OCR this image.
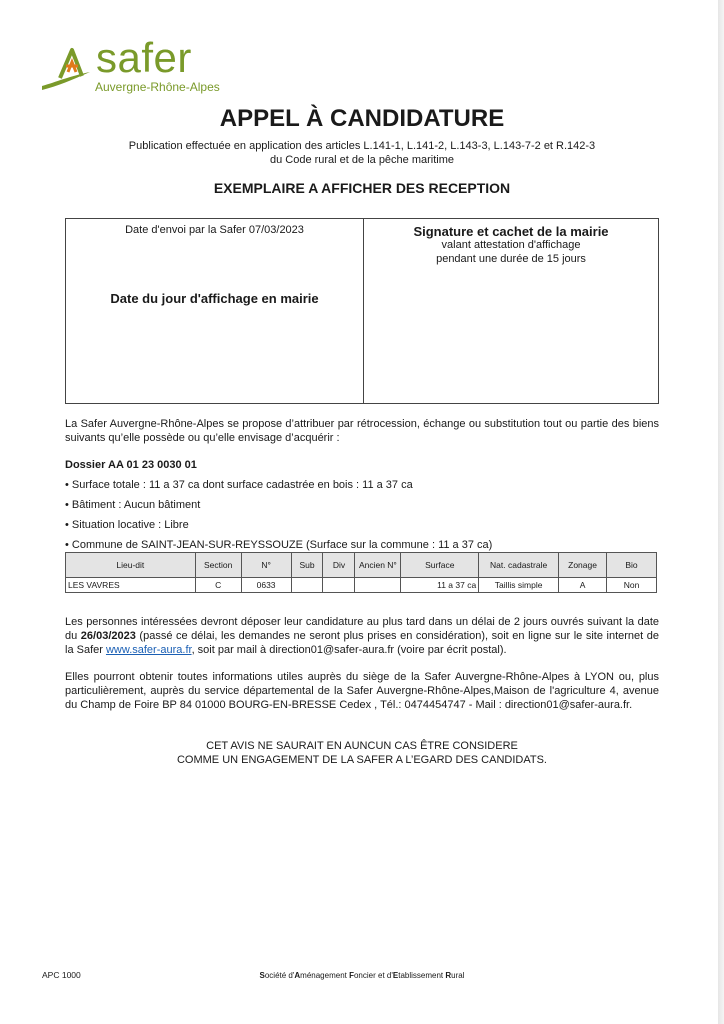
safer
Auvergne-Rhône-Alpes
APPEL À CANDIDATURE
Publication effectuée en application des articles L.141-1, L.141-2, L.143-3, L.143-7-2 et R.142-3
du Code rural et de la pêche maritime
EXEMPLAIRE A AFFICHER DES RECEPTION
Date d'envoi par la Safer 07/03/2023
Date du jour d'affichage en mairie
Signature et cachet de la mairie
valant attestation d'affichage
pendant une durée de 15 jours
La Safer Auvergne-Rhône-Alpes se propose d’attribuer par rétrocession, échange ou substitution tout ou partie des biens suivants qu’elle possède ou qu’elle envisage d’acquérir :
Dossier AA 01 23 0030 01
• Surface totale : 11 a 37 ca dont surface cadastrée en bois : 11 a 37 ca
• Bâtiment : Aucun bâtiment
• Situation locative : Libre
• Commune de SAINT-JEAN-SUR-REYSSOUZE (Surface sur la commune : 11 a 37 ca)
Lieu-dit	Section	N°	Sub	Div	Ancien N°	Surface	Nat. cadastrale	Zonage	Bio
LES VAVRES	C	0633				11 a 37 ca	Taillis simple	A	Non
Les personnes intéressées devront déposer leur candidature au plus tard dans un délai de 2 jours ouvrés suivant la date du 26/03/2023 (passé ce délai, les demandes ne seront plus prises en considération), soit en ligne sur le site internet de la Safer www.safer-aura.fr, soit par mail à direction01@safer-aura.fr (voire par écrit postal).
Elles pourront obtenir toutes informations utiles auprès du siège de la Safer Auvergne-Rhône-Alpes à LYON ou, plus particulièrement, auprès du service départemental de la Safer Auvergne-Rhône-Alpes,Maison de l'agriculture 4, avenue du Champ de Foire BP 84 01000 BOURG-EN-BRESSE Cedex , Tél.: 0474454747 - Mail : direction01@safer-aura.fr.
CET AVIS NE SAURAIT EN AUNCUN CAS ÊTRE CONSIDERE
COMME UN ENGAGEMENT DE LA SAFER A L’EGARD DES CANDIDATS.
APC 1000	Société d'Aménagement Foncier et d'Etablissement Rural
